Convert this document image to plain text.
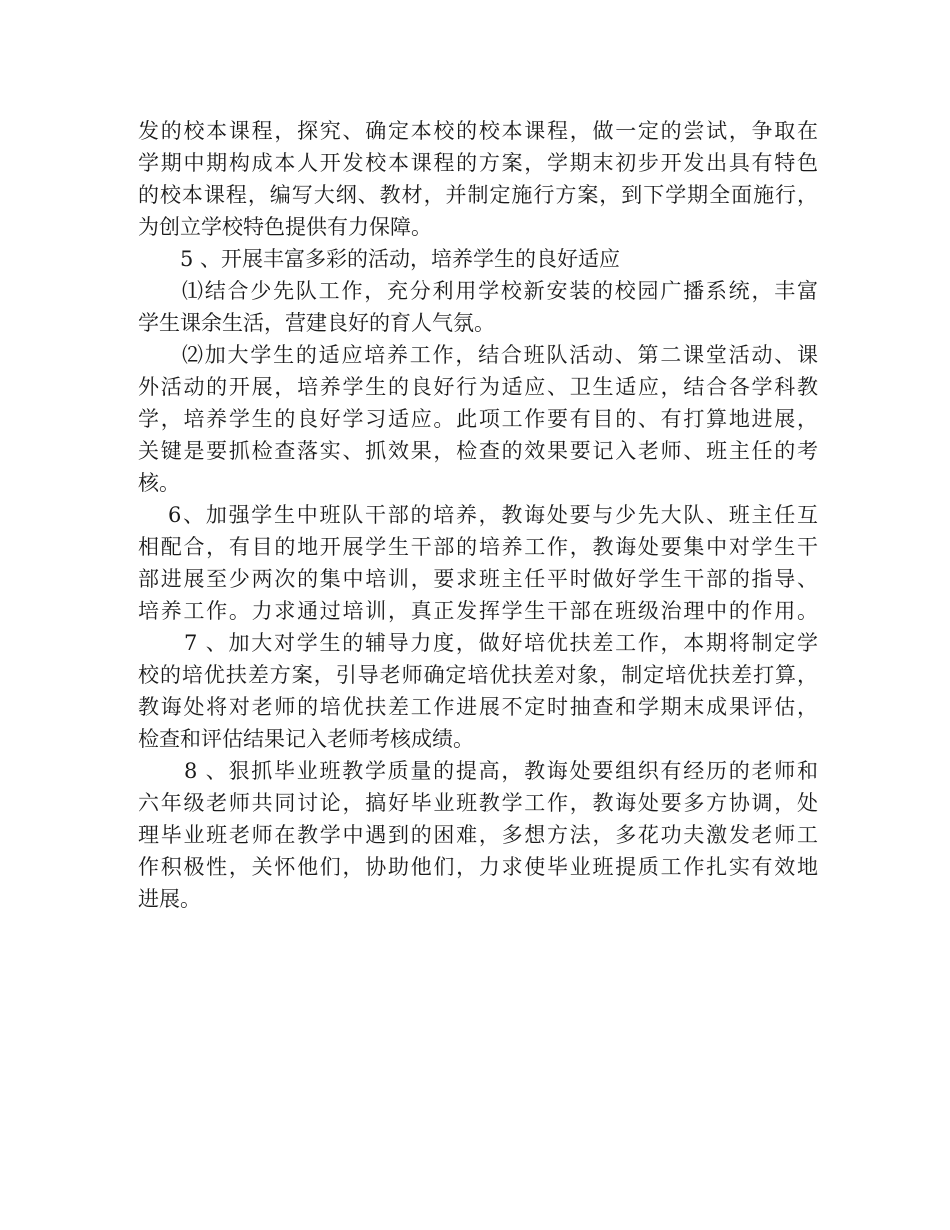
发的校本课程，探究、确定本校的校本课程，做一定的尝试，争取在
学期中期构成本人开发校本课程的方案，学期末初步开发出具有特色
的校本课程，编写大纲、教材，并制定施行方案，到下学期全面施行，
为创立学校特色提供有力保障。
5 、开展丰富多彩的活动，培养学生的良好适应
⑴结合少先队工作，充分利用学校新安装的校园广播系统，丰富
学生课余生活，营建良好的育人气氛。
⑵加大学生的适应培养工作，结合班队活动、第二课堂活动、课
外活动的开展，培养学生的良好行为适应、卫生适应，结合各学科教
学，培养学生的良好学习适应。此项工作要有目的、有打算地进展，
关键是要抓检查落实、抓效果，检查的效果要记入老师、班主任的考
核。
6、加强学生中班队干部的培养，教诲处要与少先大队、班主任互
相配合，有目的地开展学生干部的培养工作，教诲处要集中对学生干
部进展至少两次的集中培训，要求班主任平时做好学生干部的指导、
培养工作。力求通过培训，真正发挥学生干部在班级治理中的作用。
7 、加大对学生的辅导力度，做好培优扶差工作，本期将制定学
校的培优扶差方案，引导老师确定培优扶差对象，制定培优扶差打算，
教诲处将对老师的培优扶差工作进展不定时抽查和学期末成果评估，
检查和评估结果记入老师考核成绩。
8 、狠抓毕业班教学质量的提高，教诲处要组织有经历的老师和
六年级老师共同讨论，搞好毕业班教学工作，教诲处要多方协调，处
理毕业班老师在教学中遇到的困难，多想方法，多花功夫激发老师工
作积极性，关怀他们，协助他们，力求使毕业班提质工作扎实有效地
进展。
